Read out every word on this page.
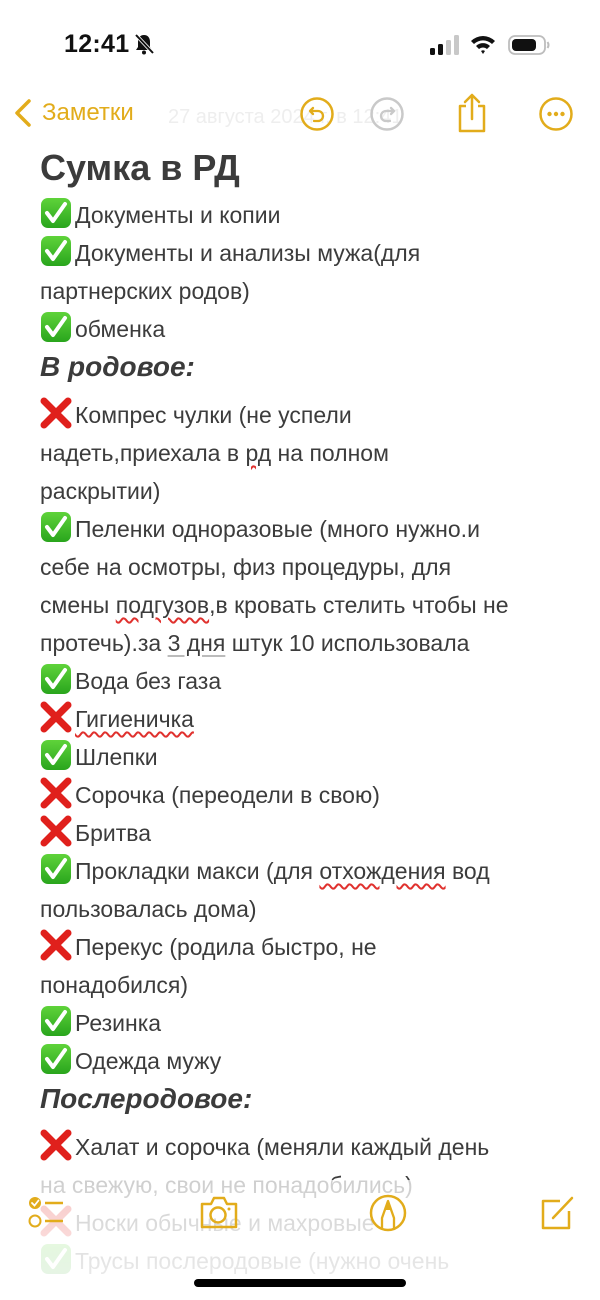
12:41
27 августа 2024 г. в 12:41
Заметки
Сумка в РД
Документы и копии
Документы и анализы мужа(для
партнерских родов)
обменка
В родовое:
Компрес чулки (не успели
надеть,приехала в рд на полном
раскрытии)
Пеленки одноразовые (много нужно.и
себе на осмотры, физ процедуры, для
смены подгузов,в кровать стелить чтобы не
протечь).за 3 дня штук 10 использовала
Вода без газа
Гигиеничка
Шлепки
Сорочка (переодели в свою)
Бритва
Прокладки макси (для отхождения вод
пользовалась дома)
Перекус (родила быстро, не
понадобился)
Резинка
Одежда мужу
Послеродовое:
Халат и сорочка (меняли каждый день
